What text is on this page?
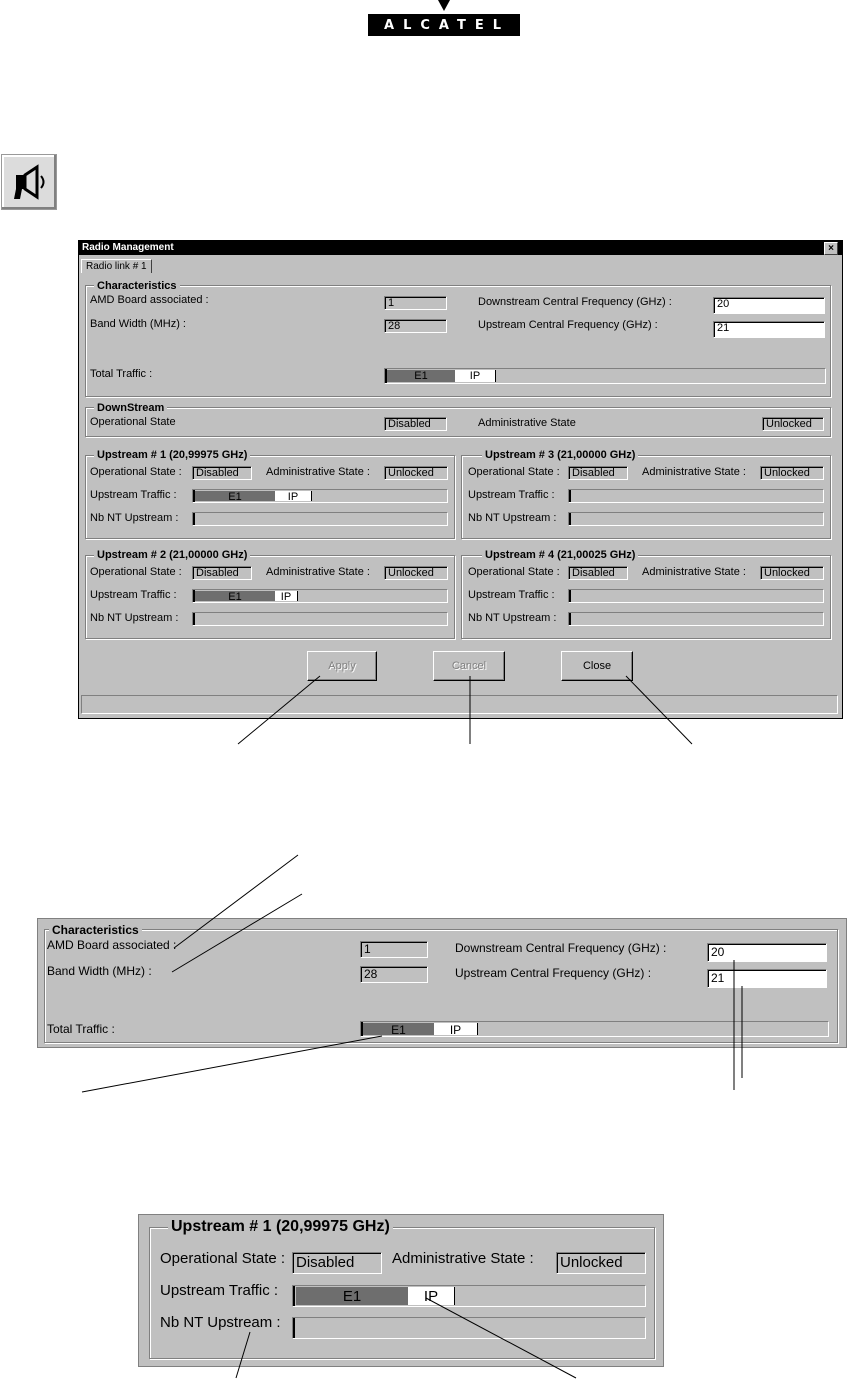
ALCATEL
Radio Management	×
Radio link # 1
Characteristics
AMD Board associated :	1	Downstream Central Frequency (GHz) :	20
Band Width (MHz) :	28	Upstream Central Frequency (GHz) :	21
Total Traffic :	E1	IP
DownStream
Operational State	Disabled	Administrative State	Unlocked
Upstream # 1 (20,99975 GHz)
Operational State :	Disabled	Administrative State :	Unlocked
Upstream Traffic :	E1	IP
Nb NT Upstream :
Upstream # 3 (21,00000 GHz)
Operational State :	Disabled	Administrative State :	Unlocked
Upstream Traffic :
Nb NT Upstream :
Upstream # 2 (21,00000 GHz)
Operational State :	Disabled	Administrative State :	Unlocked
Upstream Traffic :	E1	IP
Nb NT Upstream :
Upstream # 4 (21,00025 GHz)
Operational State :	Disabled	Administrative State :	Unlocked
Upstream Traffic :
Nb NT Upstream :
Apply	Cancel	Close
Characteristics
AMD Board associated :	1	Downstream Central Frequency (GHz) :	20
Band Width (MHz) :	28	Upstream Central Frequency (GHz) :	21
Total Traffic :	E1	IP
Upstream # 1 (20,99975 GHz)
Operational State : Disabled	Administrative State : Unlocked
Upstream Traffic :	E1	IP
Nb NT Upstream :
